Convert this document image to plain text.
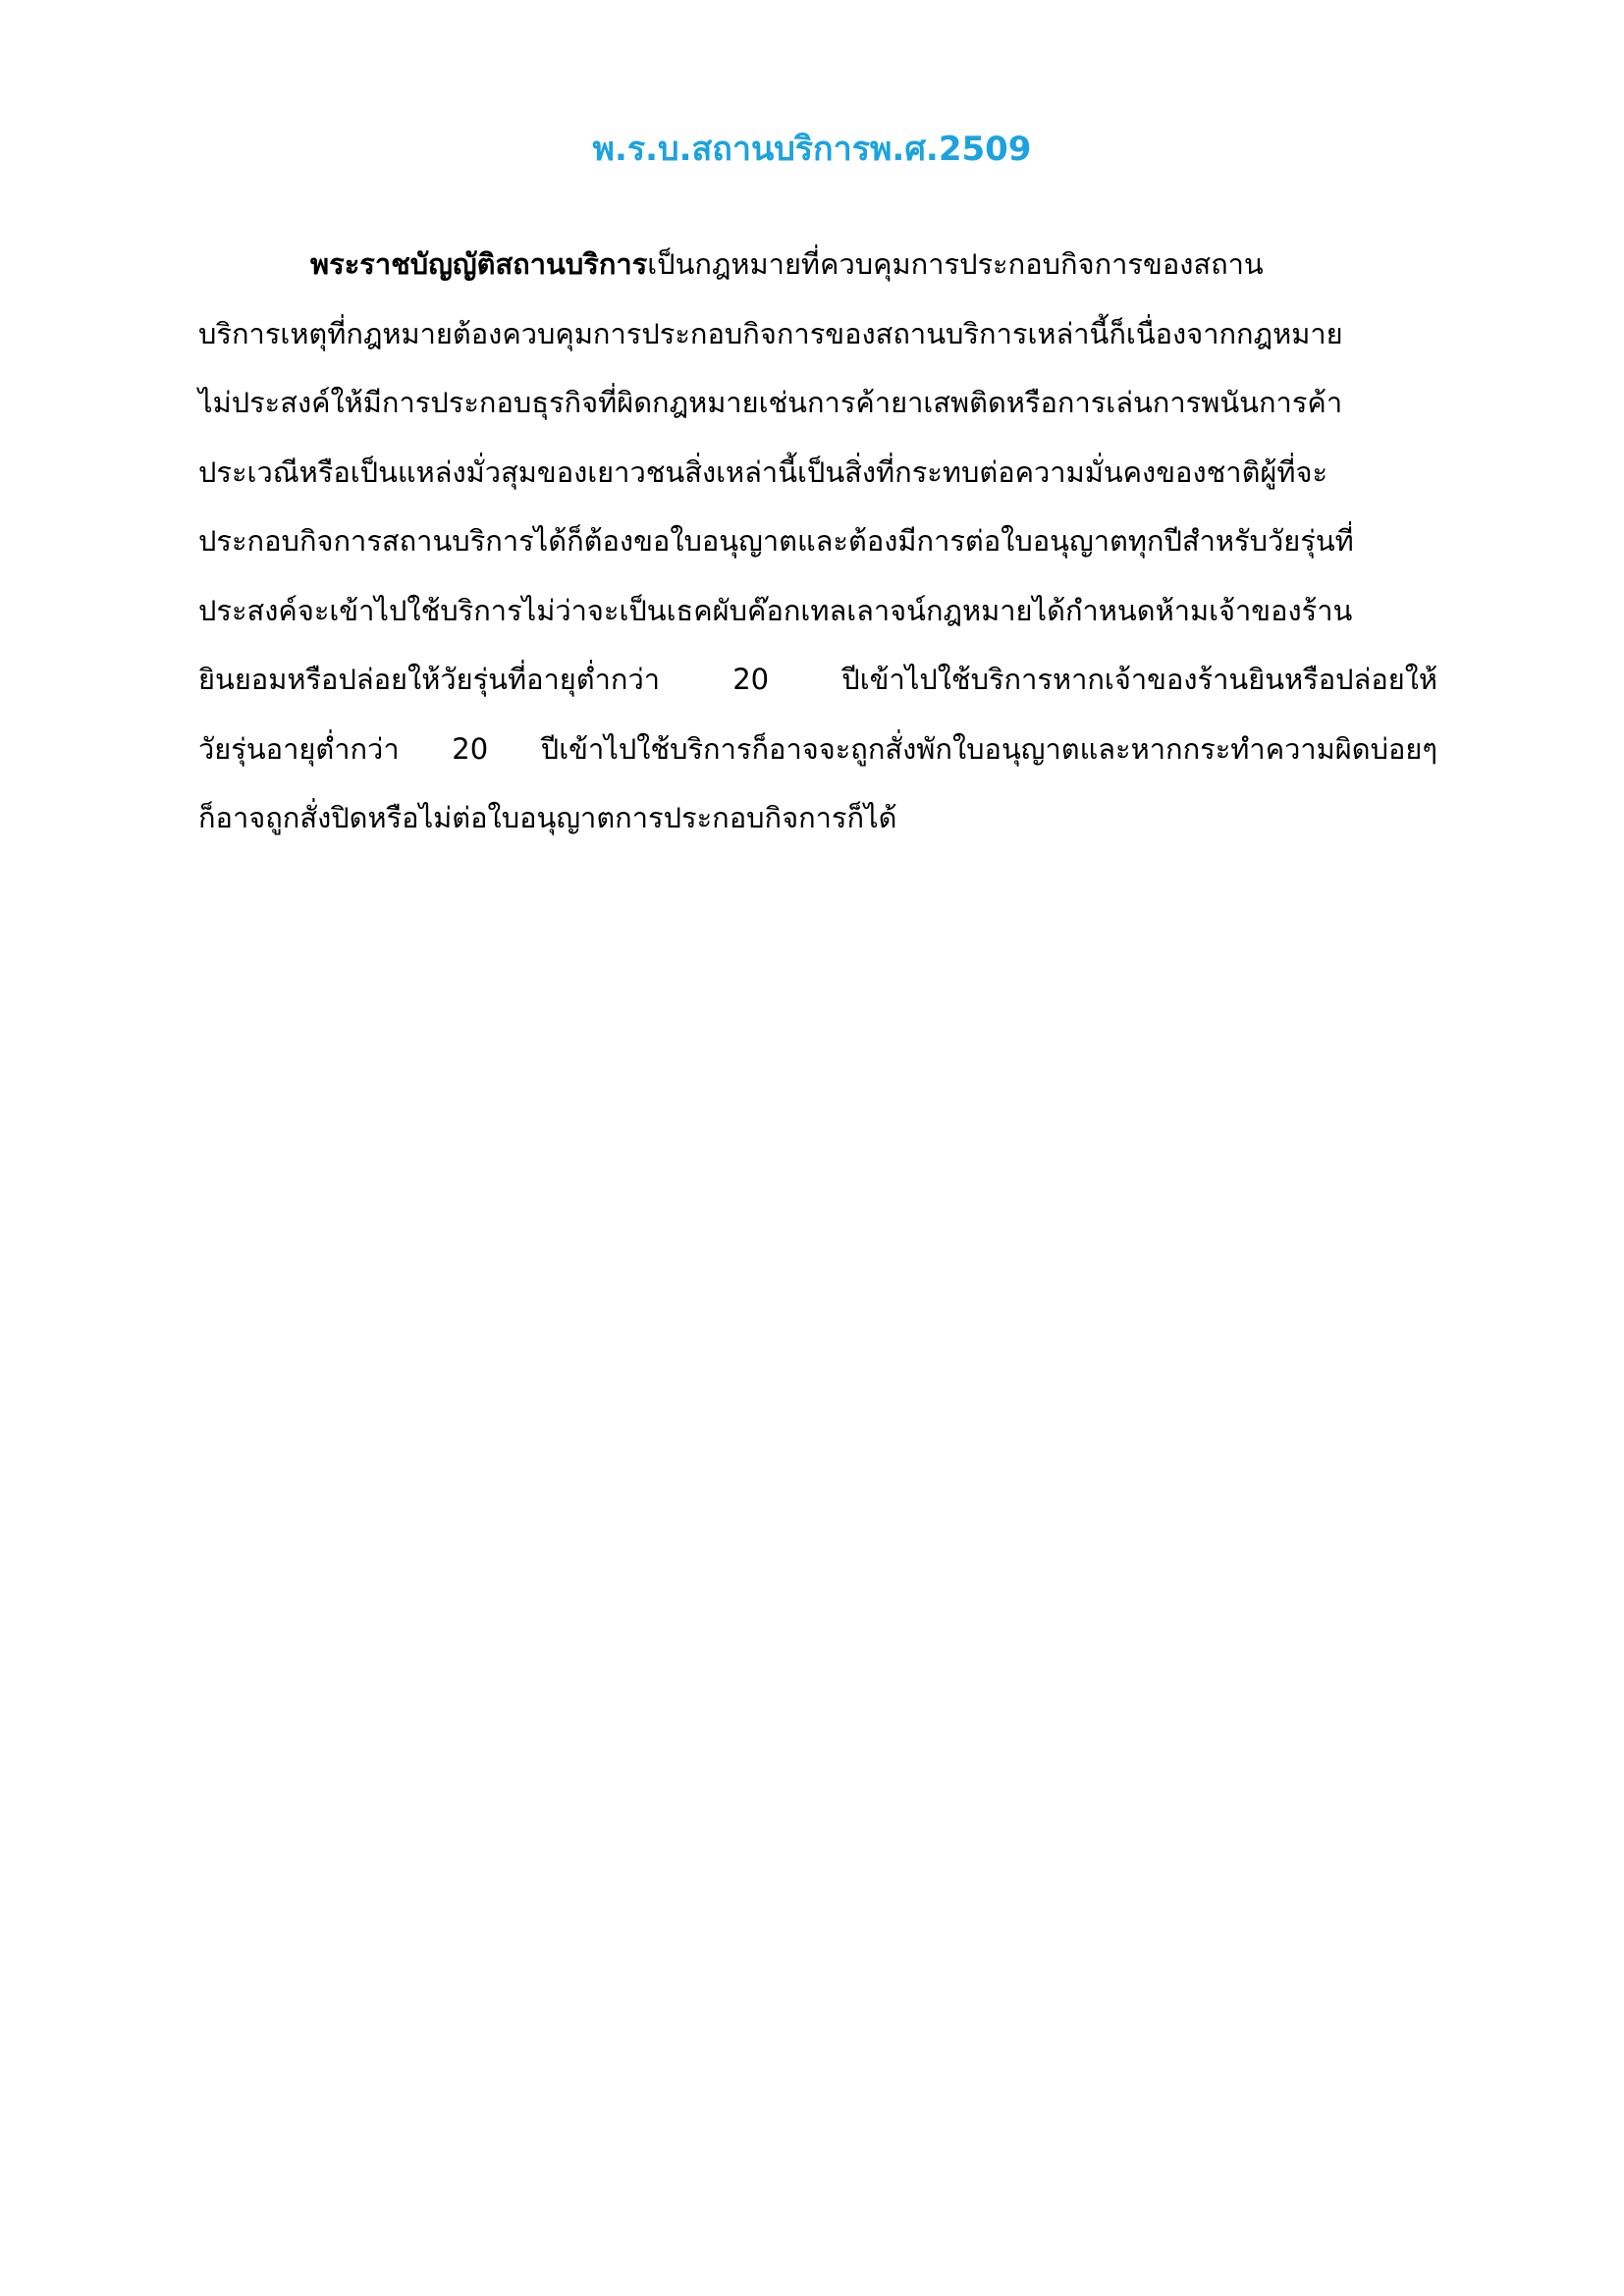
พ.ร.บ.สถานบริการพ.ศ.2509
พระราชบัญญัติสถานบริการเป็นกฎหมายที่ควบคุมการประกอบกิจการของสถาน
บริการเหตุที่กฎหมายต้องควบคุมการประกอบกิจการของสถานบริการเหล่านี้ก็เนื่องจากกฎหมาย
ไม่ประสงค์ให้มีการประกอบธุรกิจที่ผิดกฎหมายเช่นการค้ายาเสพติดหรือการเล่นการพนันการค้า
ประเวณีหรือเป็นแหล่งมั่วสุมของเยาวชนสิ่งเหล่านี้เป็นสิ่งที่กระทบต่อความมั่นคงของชาติผู้ที่จะ
ประกอบกิจการสถานบริการได้ก็ต้องขอใบอนุญาตและต้องมีการต่อใบอนุญาตทุกปีสำหรับวัยรุ่นที่
ประสงค์จะเข้าไปใช้บริการไม่ว่าจะเป็นเธคผับค๊อกเทลเลาจน์กฎหมายได้กำหนดห้ามเจ้าของร้าน
ยินยอมหรือปล่อยให้วัยรุ่นที่อายุต่ำกว่า 20 ปีเข้าไปใช้บริการหากเจ้าของร้านยินหรือปล่อยให้
วัยรุ่นอายุต่ำกว่า 20 ปีเข้าไปใช้บริการก็อาจจะถูกสั่งพักใบอนุญาตและหากกระทำความผิดบ่อยๆ
ก็อาจถูกสั่งปิดหรือไม่ต่อใบอนุญาตการประกอบกิจการก็ได้
